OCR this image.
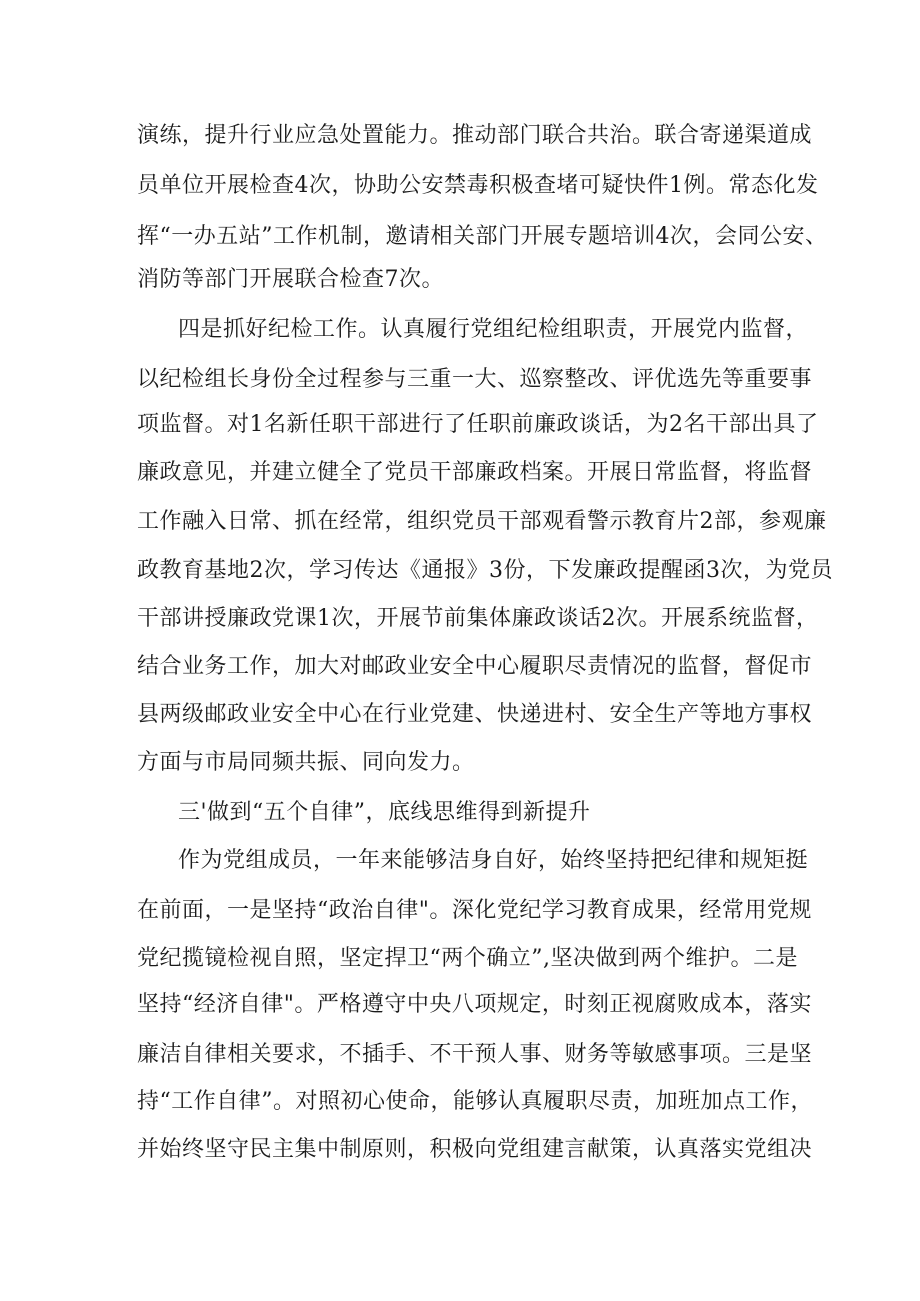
演练，提升行业应急处置能力。推动部门联合共治。联合寄递渠道成
员单位开展检查4次，协助公安禁毒积极查堵可疑快件1例。常态化发
挥“一办五站”工作机制，邀请相关部门开展专题培训4次，会同公安、
消防等部门开展联合检查7次。
四是抓好纪检工作。认真履行党组纪检组职责，开展党内监督，
以纪检组长身份全过程参与三重一大、巡察整改、评优选先等重要事
项监督。对1名新任职干部进行了任职前廉政谈话，为2名干部出具了
廉政意见，并建立健全了党员干部廉政档案。开展日常监督，将监督
工作融入日常、抓在经常，组织党员干部观看警示教育片2部，参观廉
政教育基地2次，学习传达《通报》3份，下发廉政提醒函3次，为党员
干部讲授廉政党课1次，开展节前集体廉政谈话2次。开展系统监督，
结合业务工作，加大对邮政业安全中心履职尽责情况的监督，督促市
县两级邮政业安全中心在行业党建、快递进村、安全生产等地方事权
方面与市局同频共振、同向发力。
三'做到“五个自律”，底线思维得到新提升
作为党组成员，一年来能够洁身自好，始终坚持把纪律和规矩挺
在前面，一是坚持“政治自律"。深化党纪学习教育成果，经常用党规
党纪揽镜检视自照，坚定捍卫“两个确立”,坚决做到两个维护。二是
坚持“经济自律"。严格遵守中央八项规定，时刻正视腐败成本，落实
廉洁自律相关要求，不插手、不干预人事、财务等敏感事项。三是坚
持“工作自律”。对照初心使命，能够认真履职尽责，加班加点工作，
并始终坚守民主集中制原则，积极向党组建言献策，认真落实党组决
